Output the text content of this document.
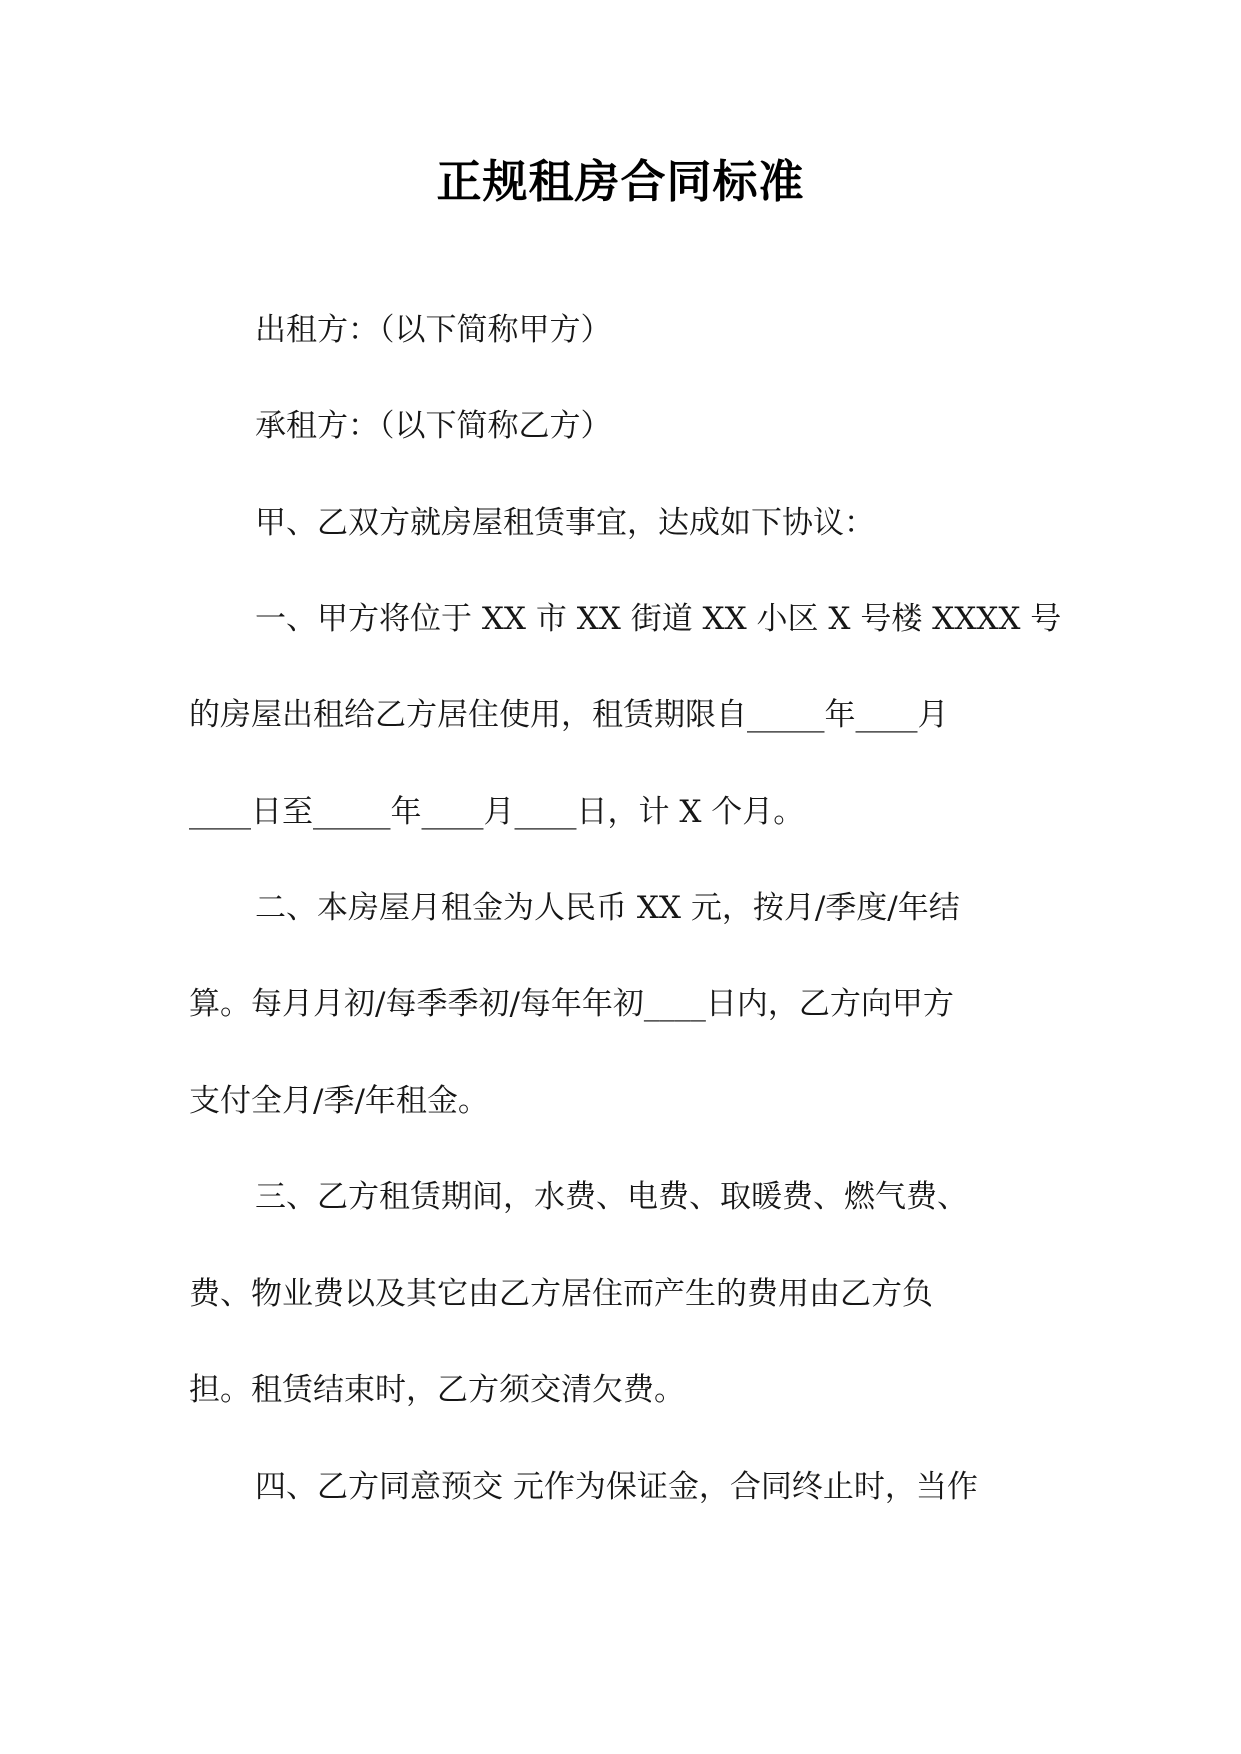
正规租房合同标准
出租方：（以下简称甲方）
承租方：（以下简称乙方）
甲、乙双方就房屋租赁事宜，达成如下协议：
一、甲方将位于 XX 市 XX 街道 XX 小区 X 号楼 XXXX 号
的房屋出租给乙方居住使用，租赁期限自_____年____月
____日至_____年____月____日，计 X 个月。
二、本房屋月租金为人民币 XX 元，按月/季度/年结
算。每月月初/每季季初/每年年初____日内，乙方向甲方
支付全月/季/年租金。
三、乙方租赁期间，水费、电费、取暖费、燃气费、
费、物业费以及其它由乙方居住而产生的费用由乙方负
担。租赁结束时，乙方须交清欠费。
四、乙方同意预交 元作为保证金，合同终止时，当作
